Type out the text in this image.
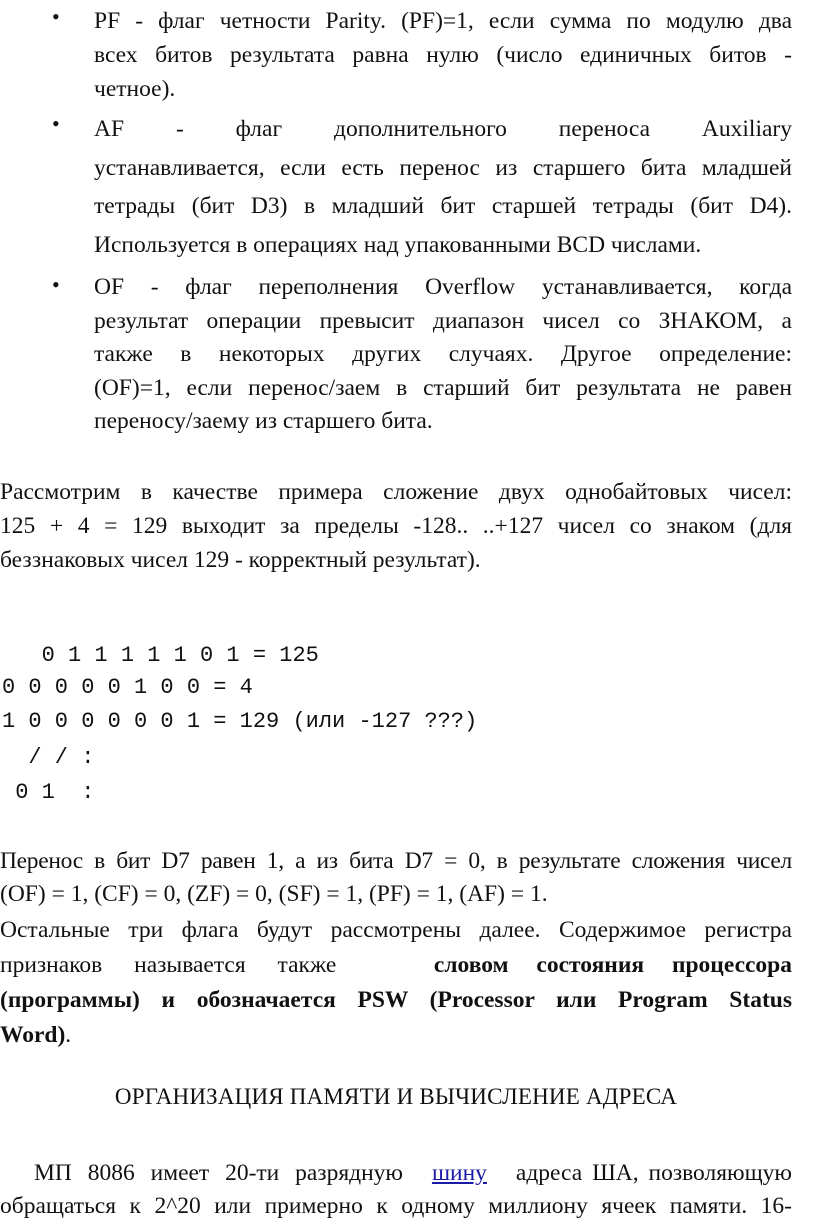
• PF - флаг четности Parity. (PF)=1, если сумма по модулю два
всех битов результата равна нулю (число единичных битов -
четное).
• AF - флаг дополнительного переноса Auxiliary
устанавливается, если есть перенос из старшего бита младшей
тетрады (бит D3) в младший бит старшей тетрады (бит D4).
Используется в операциях над упакованными BCD числами.
• OF - флаг переполнения Overflow устанавливается, когда
результат операции превысит диапазон чисел со ЗНАКОМ, а
также в некоторых других случаях. Другое определение:
(OF)=1, если перенос/заем в старший бит результата не равен
переносу/заему из старшего бита.
Рассмотрим в качестве примера сложение двух однобайтовых чисел:
125 + 4 = 129 выходит за пределы -128.. ..+127 чисел со знаком (для
беззнаковых чисел 129 - корректный результат).
0 1 1 1 1 1 0 1 = 125
0 0 0 0 0 1 0 0 = 4
1 0 0 0 0 0 0 1 = 129 (или -127 ???)
/ / :
0 1  :
Перенос в бит D7 равен 1, а из бита D7 = 0, в результате сложения чисел
(OF) = 1, (CF) = 0, (ZF) = 0, (SF) = 1, (PF) = 1, (AF) = 1.
Остальные три флага будут рассмотрены далее. Содержимое регистра
признаков называется также	словом состояния процессора
(программы) и обозначается PSW (Processor или Program Status
Word).
ОРГАНИЗАЦИЯ ПАМЯТИ И ВЫЧИСЛЕНИЕ АДРЕСА
МП 8086 имеет 20-ти разрядную шину адреса ША, позволяющую
обращаться к 2^20 или примерно к одному миллиону ячеек памяти. 16-
